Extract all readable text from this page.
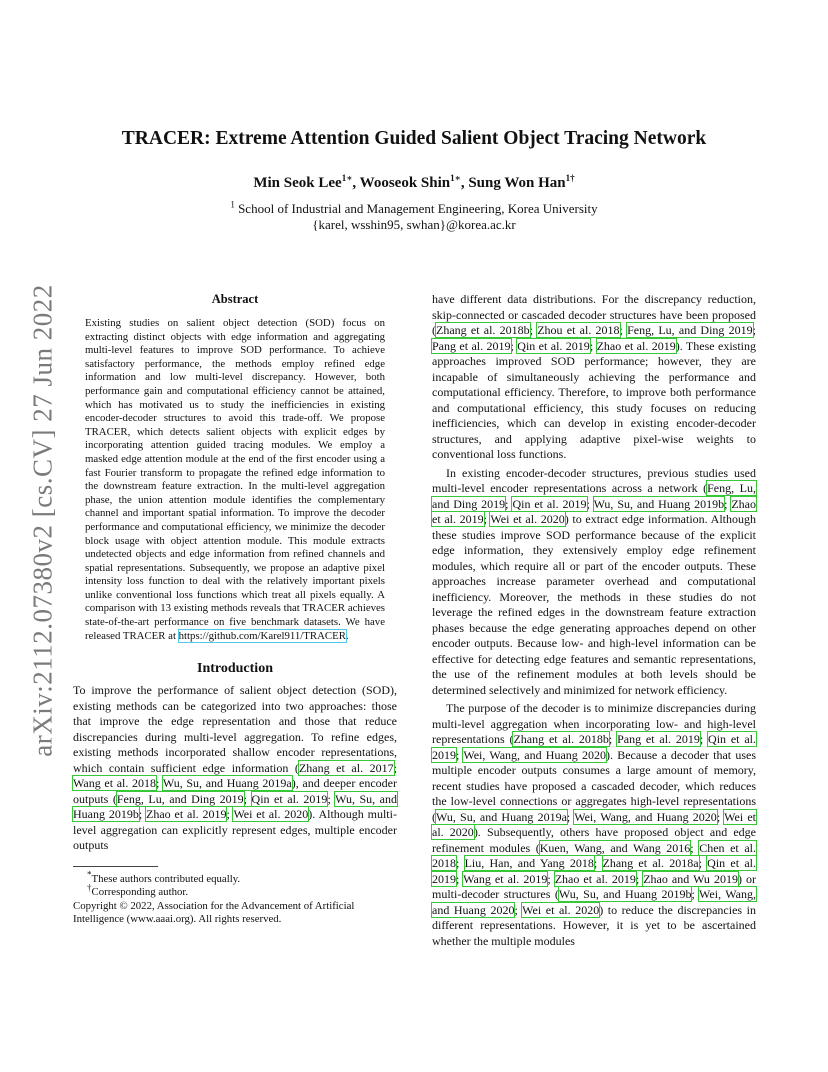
arXiv:2112.07380v2 [cs.CV] 27 Jun 2022
TRACER: Extreme Attention Guided Salient Object Tracing Network
Min Seok Lee$^{1∗}$, Wooseok Shin$^{1∗}$, Sung Won Han$^{1\dagger}$
$^1$ School of Industrial and Management Engineering, Korea University
{karel, wsshin95, swhan}@korea.ac.kr
Abstract
Existing studies on salient object detection (SOD) focus on extracting distinct objects with edge information and aggregating multi-level features to improve SOD performance. To achieve satisfactory performance, the methods employ refined edge information and low multi-level discrepancy. However, both performance gain and computational efficiency cannot be attained, which has motivated us to study the inefficiencies in existing encoder-decoder structures to avoid this trade-off. We propose TRACER, which detects salient objects with explicit edges by incorporating attention guided tracing modules. We employ a masked edge attention module at the end of the first encoder using a fast Fourier transform to propagate the refined edge information to the downstream feature extraction. In the multi-level aggregation phase, the union attention module identifies the complementary channel and important spatial information. To improve the decoder performance and computational efficiency, we minimize the decoder block usage with object attention module. This module extracts undetected objects and edge information from refined channels and spatial representations. Subsequently, we propose an adaptive pixel intensity loss function to deal with the relatively important pixels unlike conventional loss functions which treat all pixels equally. A comparison with 13 existing methods reveals that TRACER achieves state-of-the-art performance on five benchmark datasets. We have released TRACER at https://github.com/Karel911/TRACER.
Introduction
To improve the performance of salient object detection (SOD), existing methods can be categorized into two approaches: those that improve the edge representation and those that reduce discrepancies during multi-level aggregation. To refine edges, existing methods incorporated shallow encoder representations, which contain sufficient edge information (Zhang et al. 2017; Wang et al. 2018; Wu, Su, and Huang 2019a), and deeper encoder outputs (Feng, Lu, and Ding 2019; Qin et al. 2019; Wu, Su, and Huang 2019b; Zhao et al. 2019; Wei et al. 2020). Although multi-level aggregation can explicitly represent edges, multiple encoder outputs
*These authors contributed equally.
†Corresponding author.
Copyright © 2022, Association for the Advancement of Artificial Intelligence (www.aaai.org). All rights reserved.
have different data distributions. For the discrepancy reduction, skip-connected or cascaded decoder structures have been proposed (Zhang et al. 2018b; Zhou et al. 2018; Feng, Lu, and Ding 2019; Pang et al. 2019; Qin et al. 2019; Zhao et al. 2019). These existing approaches improved SOD performance; however, they are incapable of simultaneously achieving the performance and computational efficiency. Therefore, to improve both performance and computational efficiency, this study focuses on reducing inefficiencies, which can develop in existing encoder-decoder structures, and applying adaptive pixel-wise weights to conventional loss functions.
In existing encoder-decoder structures, previous studies used multi-level encoder representations across a network (Feng, Lu, and Ding 2019; Qin et al. 2019; Wu, Su, and Huang 2019b; Zhao et al. 2019; Wei et al. 2020) to extract edge information. Although these studies improve SOD performance because of the explicit edge information, they extensively employ edge refinement modules, which require all or part of the encoder outputs. These approaches increase parameter overhead and computational inefficiency. Moreover, the methods in these studies do not leverage the refined edges in the downstream feature extraction phases because the edge generating approaches depend on other encoder outputs. Because low- and high-level information can be effective for detecting edge features and semantic representations, the use of the refinement modules at both levels should be determined selectively and minimized for network efficiency.
The purpose of the decoder is to minimize discrepancies during multi-level aggregation when incorporating low- and high-level representations (Zhang et al. 2018b; Pang et al. 2019; Qin et al. 2019; Wei, Wang, and Huang 2020). Because a decoder that uses multiple encoder outputs consumes a large amount of memory, recent studies have proposed a cascaded decoder, which reduces the low-level connections or aggregates high-level representations (Wu, Su, and Huang 2019a; Wei, Wang, and Huang 2020; Wei et al. 2020). Subsequently, others have proposed object and edge refinement modules (Kuen, Wang, and Wang 2016; Chen et al. 2018; Liu, Han, and Yang 2018; Zhang et al. 2018a; Qin et al. 2019; Wang et al. 2019; Zhao et al. 2019; Zhao and Wu 2019) or multi-decoder structures (Wu, Su, and Huang 2019b; Wei, Wang, and Huang 2020; Wei et al. 2020) to reduce the discrepancies in different representations. However, it is yet to be ascertained whether the multiple modules
